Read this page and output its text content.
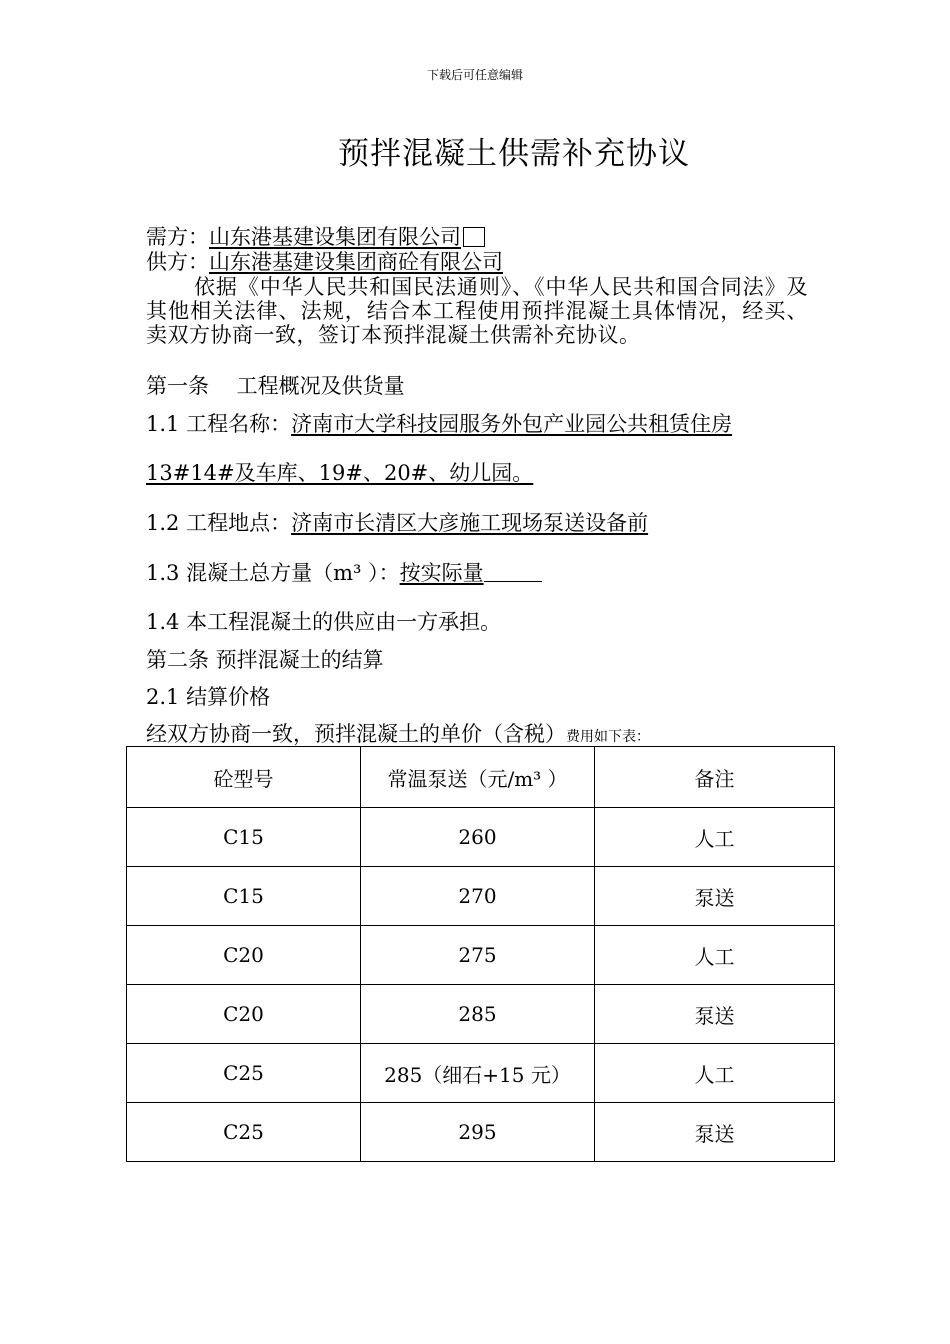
下载后可任意编辑
预拌混凝土供需补充协议
需方：山东港基建设集团有限公司
供方：山东港基建设集团商砼有限公司
依据《中华人民共和国民法通则》、《中华人民共和国合同法》及其他相关法律、法规，结合本工程使用预拌混凝土具体情况，经买、卖双方协商一致，签订本预拌混凝土供需补充协议。
第一条　 工程概况及供货量
1.1 工程名称：济南市大学科技园服务外包产业园公共租赁住房
13#14#及车库、19#、20#、幼儿园。
1.2 工程地点：济南市长清区大彦施工现场泵送设备前
1.3 混凝土总方量（m³ ）：按实际量
1.4 本工程混凝土的供应由一方承担。
第二条 预拌混凝土的结算
2.1 结算价格
经双方协商一致，预拌混凝土的单价（含税）费用如下表：
砼型号	常温泵送（元/m³ ）	备注
C15	260	人工
C15	270	泵送
C20	275	人工
C20	285	泵送
C25	285（细石+15 元）	人工
C25	295	泵送
